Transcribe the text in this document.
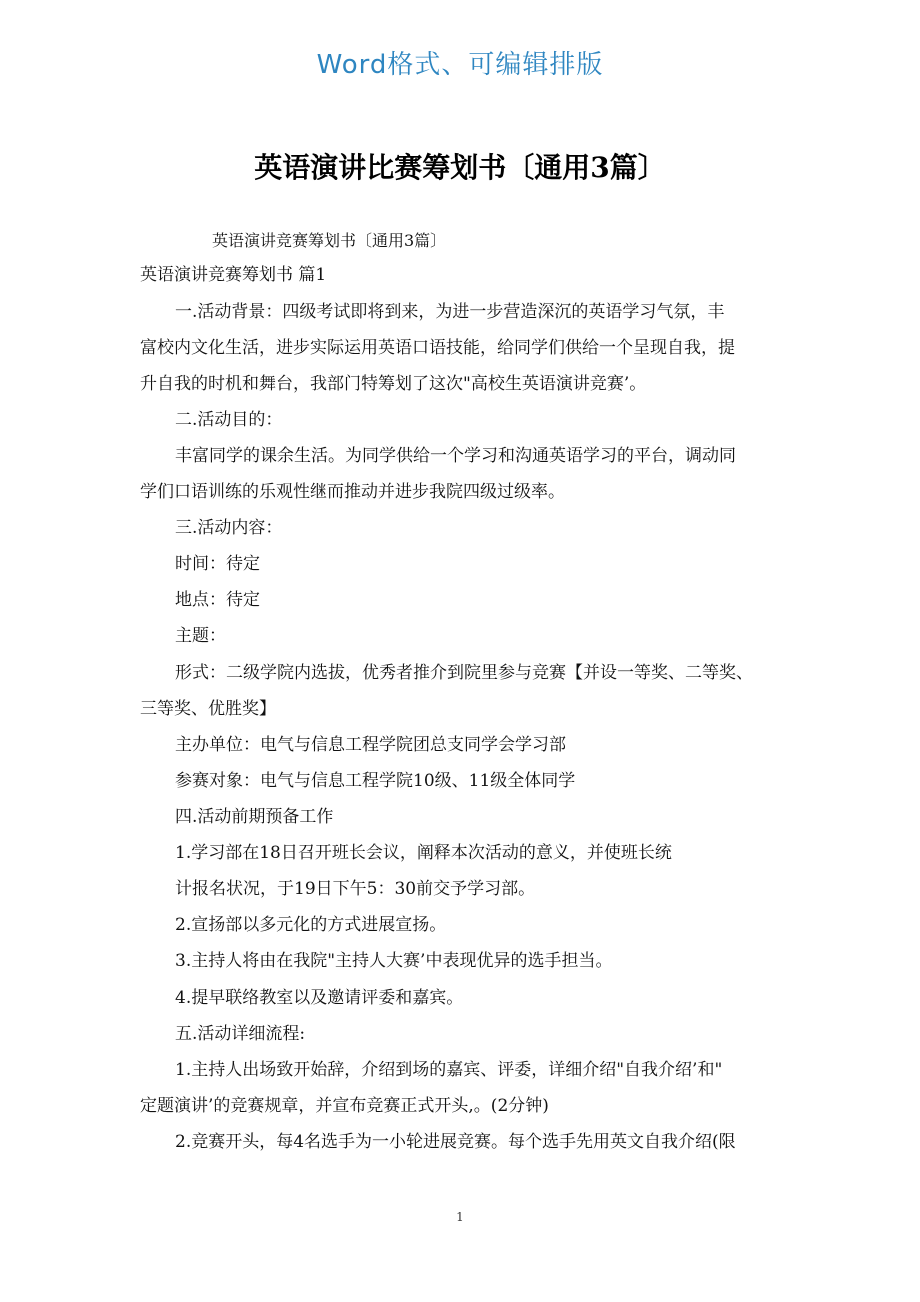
Word格式、可编辑排版
英语演讲比赛筹划书〔通用3篇〕
英语演讲竞赛筹划书〔通用3篇〕
英语演讲竞赛筹划书 篇1
一.活动背景：四级考试即将到来，为进一步营造深沉的英语学习气氛，丰
富校内文化生活，进步实际运用英语口语技能，给同学们供给一个呈现自我，提
升自我的时机和舞台，我部门特筹划了这次"高校生英语演讲竞赛’。
二.活动目的：
丰富同学的课余生活。为同学供给一个学习和沟通英语学习的平台，调动同
学们口语训练的乐观性继而推动并进步我院四级过级率。
三.活动内容：
时间：待定
地点：待定
主题：
形式：二级学院内选拔，优秀者推介到院里参与竞赛【并设一等奖、二等奖、
三等奖、优胜奖】
主办单位：电气与信息工程学院团总支同学会学习部
参赛对象：电气与信息工程学院10级、11级全体同学
四.活动前期预备工作
1.学习部在18日召开班长会议，阐释本次活动的意义，并使班长统
计报名状况，于19日下午5：30前交予学习部。
2.宣扬部以多元化的方式进展宣扬。
3.主持人将由在我院"主持人大赛’中表现优异的选手担当。
4.提早联络教室以及邀请评委和嘉宾。
五.活动详细流程:
1.主持人出场致开始辞，介绍到场的嘉宾、评委，详细介绍"自我介绍’和"
定题演讲’的竞赛规章，并宣布竞赛正式开头,。(2分钟)
2.竞赛开头，每4名选手为一小轮进展竞赛。每个选手先用英文自我介绍(限
1
